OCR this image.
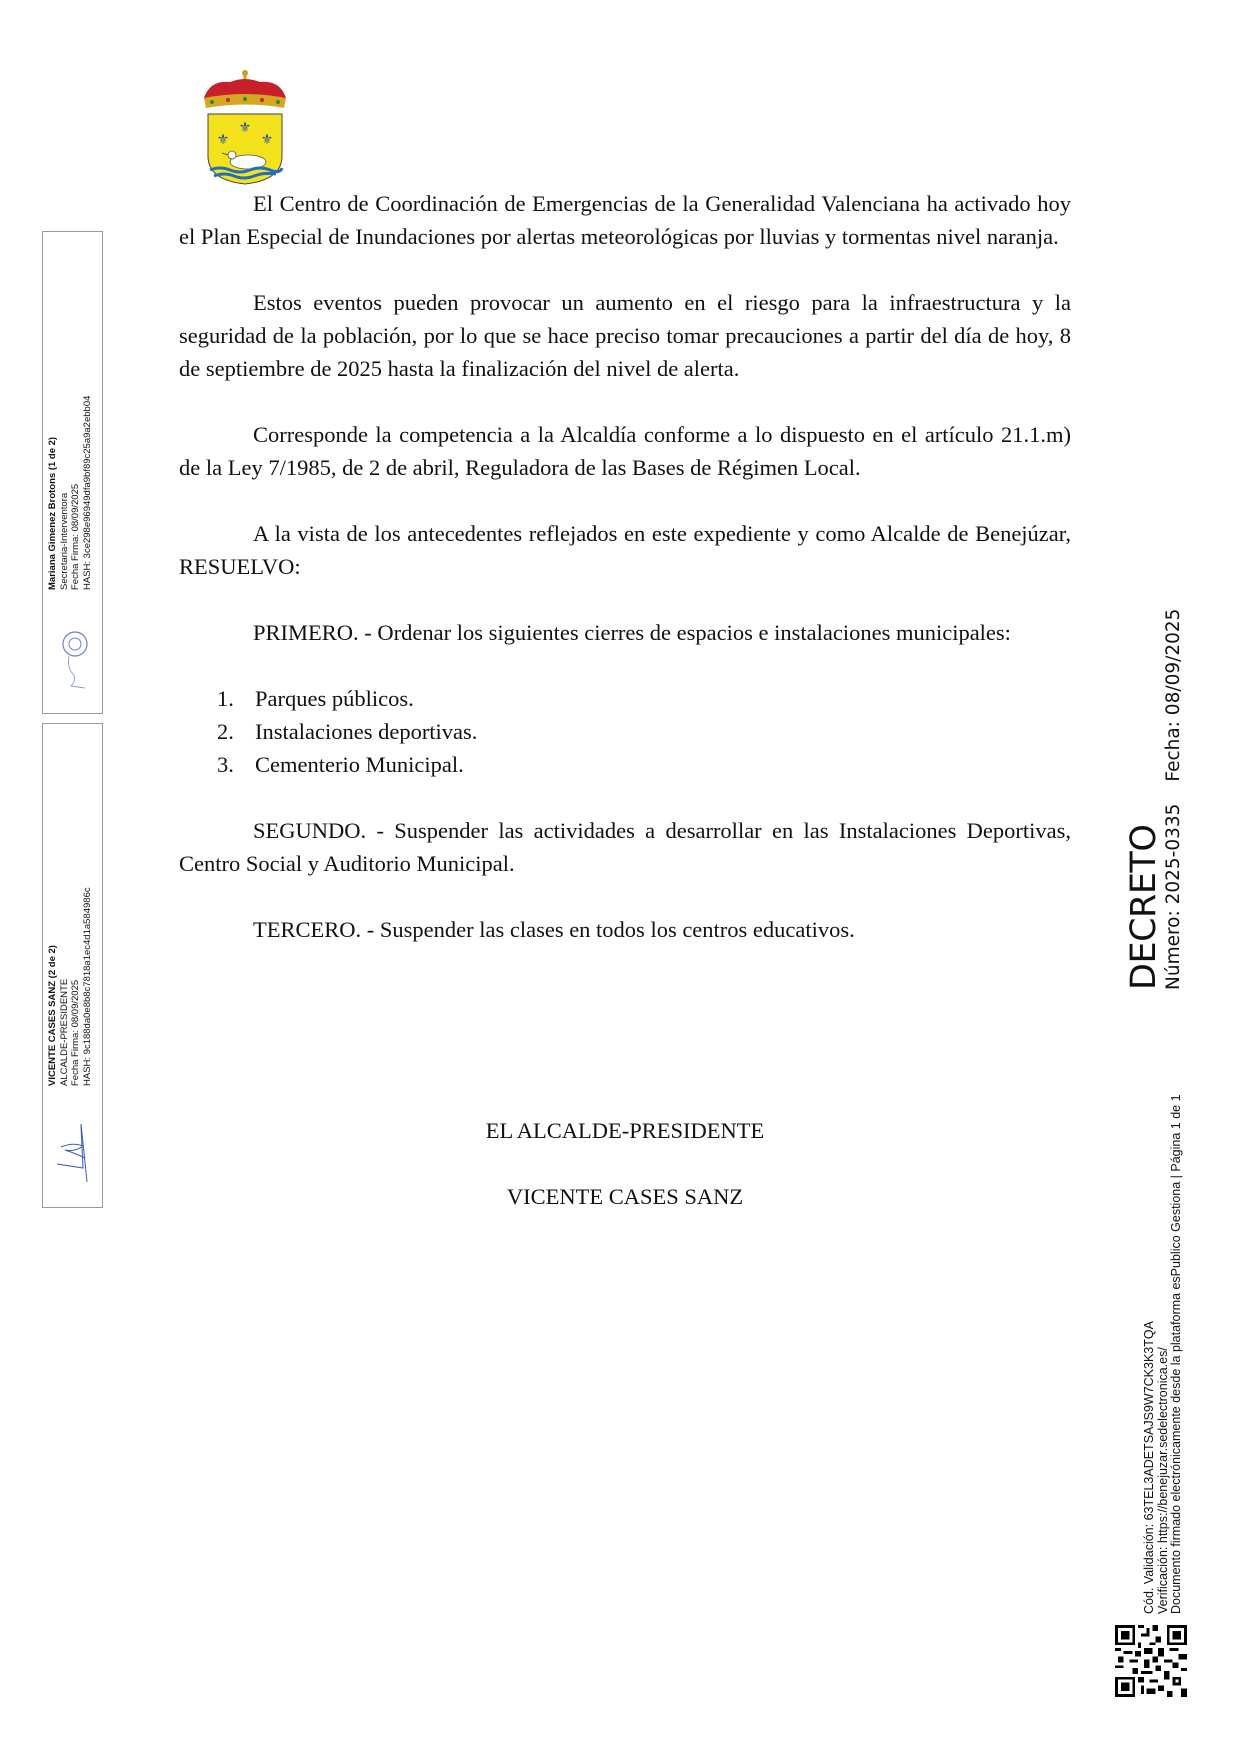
⚜
⚜ ⚜

El Centro de Coordinación de Emergencias de la Generalidad Valenciana ha activado hoy el Plan Especial de Inundaciones por alertas meteorológicas por lluvias y tormentas nivel naranja.

Estos eventos pueden provocar un aumento en el riesgo para la infraestructura y la seguridad de la población, por lo que se hace preciso tomar precauciones a partir del día de hoy, 8 de septiembre de 2025 hasta la finalización del nivel de alerta.

Corresponde la competencia a la Alcaldía conforme a lo dispuesto en el artículo 21.1.m) de la Ley 7/1985, de 2 de abril, Reguladora de las Bases de Régimen Local.

A la vista de los antecedentes reflejados en este expediente y como Alcalde de Benejúzar, RESUELVO:

PRIMERO. - Ordenar los siguientes cierres de espacios e instalaciones municipales:

1. Parques públicos.
2. Instalaciones deportivas.
3. Cementerio Municipal.

SEGUNDO. - Suspender las actividades a desarrollar en las Instalaciones Deportivas, Centro Social y Auditorio Municipal.

TERCERO. - Suspender las clases en todos los centros educativos.

EL ALCALDE-PRESIDENTE
VICENTE CASES SANZ
Mariana Gimenez Brotons (1 de 2) Secretaria-Interventora Fecha Firma: 08/09/2025 HASH: 3ce298e96949dfa9bf89c25a9a2ebb04
VICENTE CASES SANZ (2 de 2) ALCALDE-PRESIDENTE Fecha Firma: 08/09/2025 HASH: 9c188da0e8b8c7818a1ec4d1a584986c	DECRETO Número: 2025-0335Fecha: 08/09/2025
Cód. Validación: 63TEL3ADETSAJS9W7CK3K3TQA Verificación: https://benejuzar.sedelectronica.es/ Documento firmado electrónicamente desde la plataforma esPublico Gestiona | Página 1 de 1
